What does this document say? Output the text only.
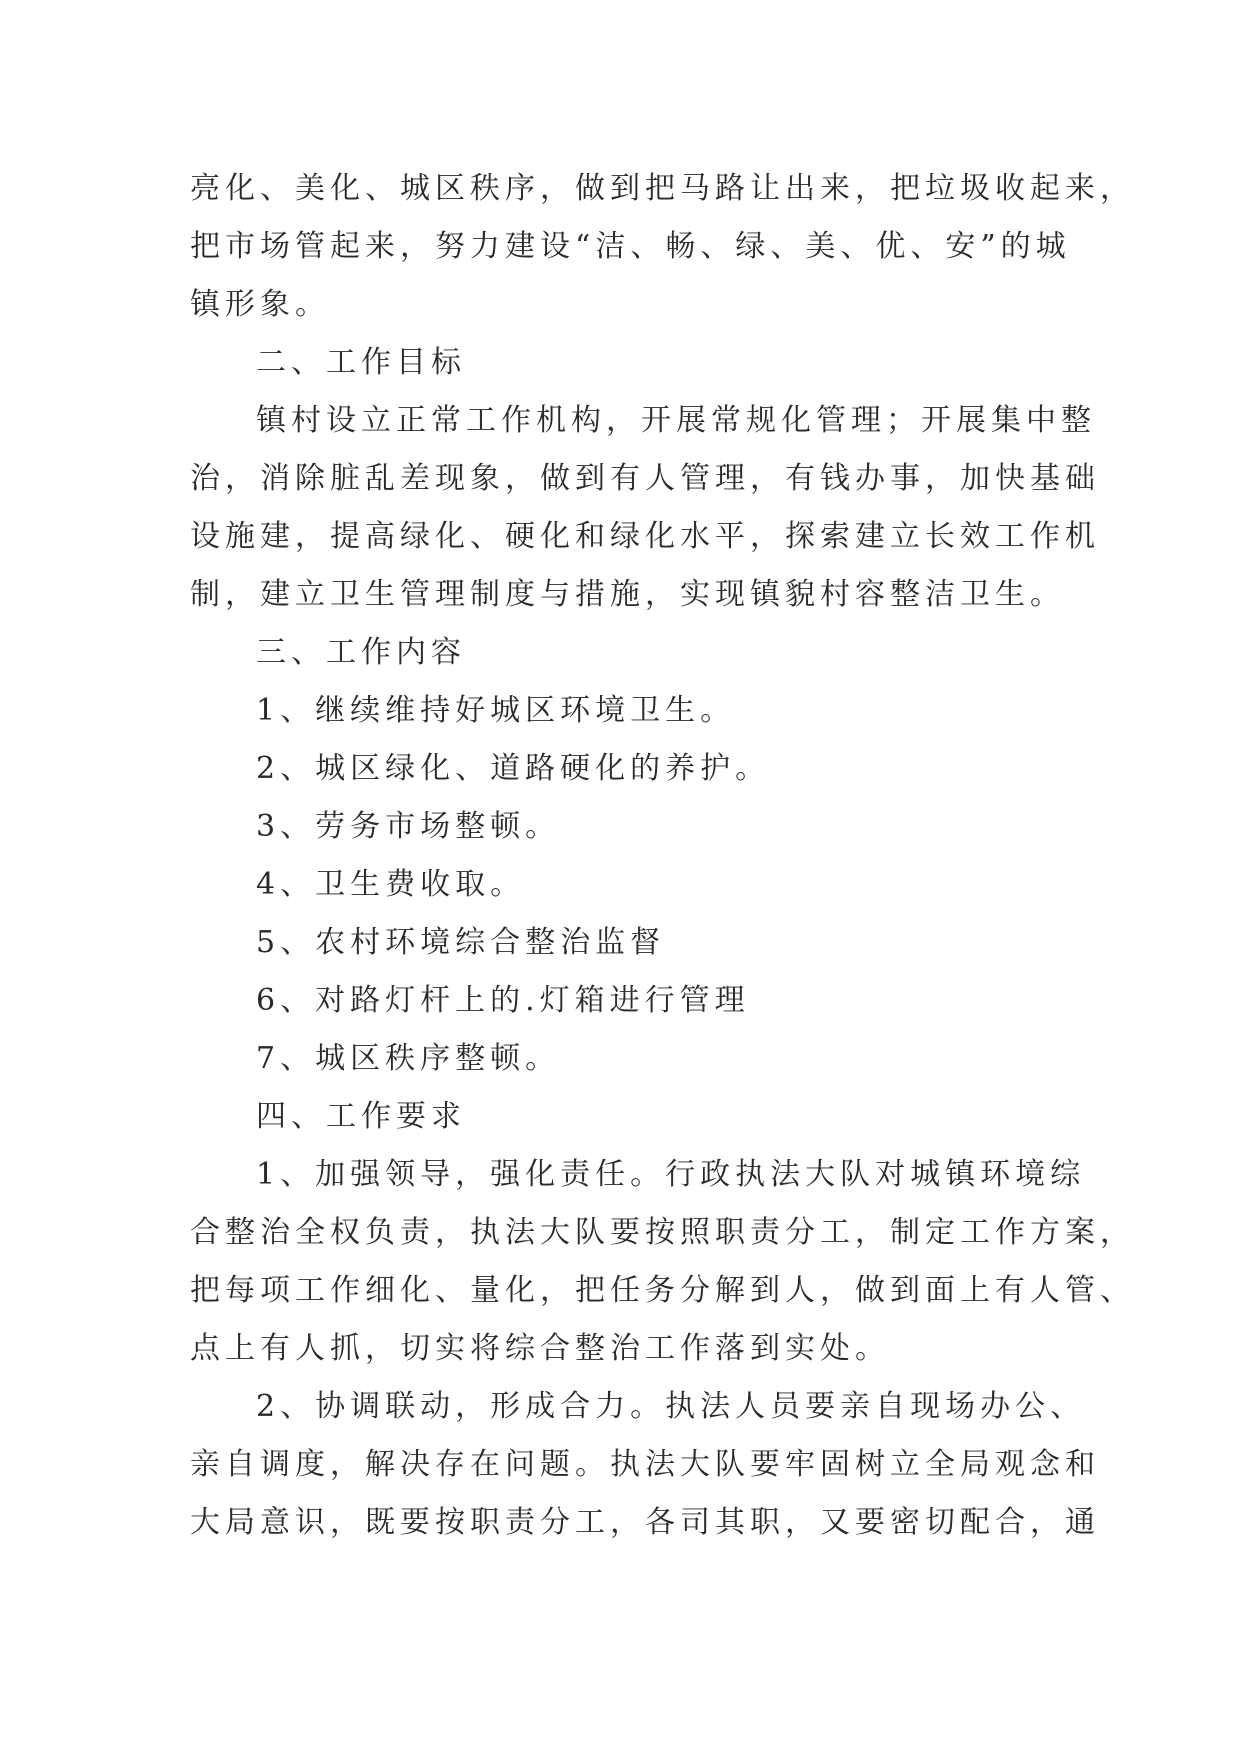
亮化、美化、城区秩序，做到把马路让出来，把垃圾收起来，
把市场管起来，努力建设“洁、畅、绿、美、优、安”的城
镇形象。
二、工作目标
镇村设立正常工作机构，开展常规化管理；开展集中整
治，消除脏乱差现象，做到有人管理，有钱办事，加快基础
设施建，提高绿化、硬化和绿化水平，探索建立长效工作机
制，建立卫生管理制度与措施，实现镇貌村容整洁卫生。
三、工作内容
1、继续维持好城区环境卫生。
2、城区绿化、道路硬化的养护。
3、劳务市场整顿。
4、卫生费收取。
5、农村环境综合整治监督
6、对路灯杆上的.灯箱进行管理
7、城区秩序整顿。
四、工作要求
1、加强领导，强化责任。行政执法大队对城镇环境综
合整治全权负责，执法大队要按照职责分工，制定工作方案，
把每项工作细化、量化，把任务分解到人，做到面上有人管、
点上有人抓，切实将综合整治工作落到实处。
2、协调联动，形成合力。执法人员要亲自现场办公、
亲自调度，解决存在问题。执法大队要牢固树立全局观念和
大局意识，既要按职责分工，各司其职，又要密切配合，通
